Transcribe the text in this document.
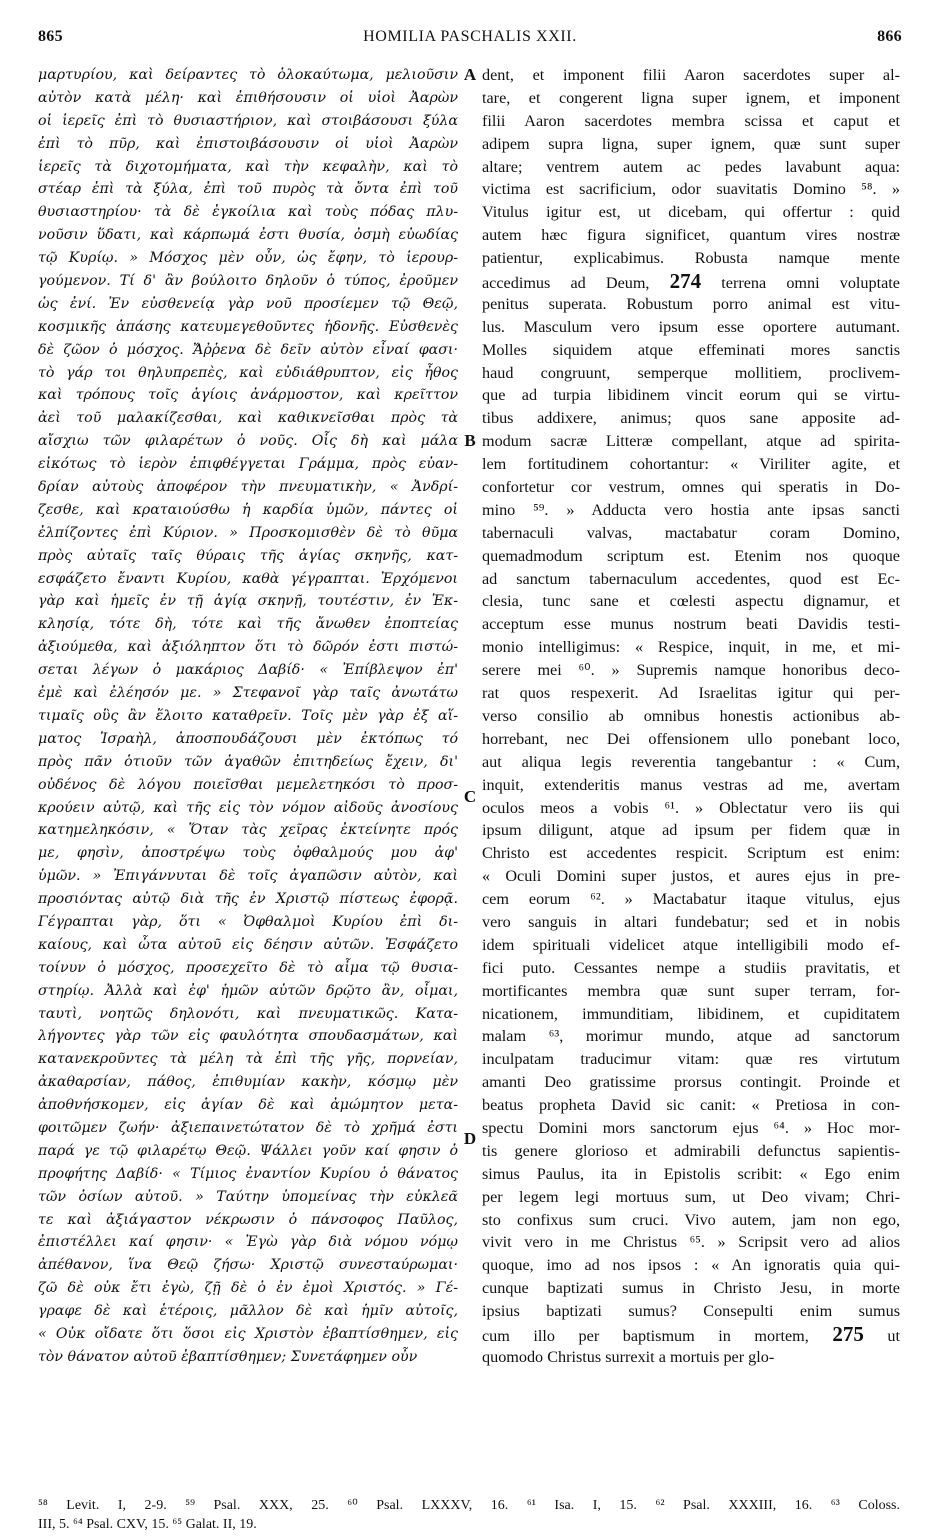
865	HOMILIA PASCHALIS XXII.	866
μαρτυρίου, καὶ δείραντες τὸ ὁλοκαύτωμα, μελιοῦσιν
αὐτὸν κατὰ μέλη· καὶ ἐπιθήσουσιν οἱ υἱοὶ Ἀαρὼν
οἱ ἱερεῖς ἐπὶ τὸ θυσιαστήριον, καὶ στοιβάσουσι ξύλα
ἐπὶ τὸ πῦρ, καὶ ἐπιστοιβάσουσιν οἱ υἱοὶ Ἀαρὼν
ἱερεῖς τὰ διχοτομήματα, καὶ τὴν κεφαλὴν, καὶ τὸ
στέαρ ἐπὶ τὰ ξύλα, ἐπὶ τοῦ πυρὸς τὰ ὄντα ἐπὶ τοῦ
θυσιαστηρίου· τὰ δὲ ἐγκοίλια καὶ τοὺς πόδας πλυ-
νοῦσιν ὕδατι, καὶ κάρπωμά ἐστι θυσία, ὀσμὴ εὐωδίας
τῷ Κυρίῳ. » Μόσχος μὲν οὖν, ὡς ἔφην, τὸ ἱερουρ-
γούμενον. Τί δ' ἂν βούλοιτο δηλοῦν ὁ τύπος, ἐροῦμεν
ὡς ἐνί. Ἐν εὐσθενείᾳ γὰρ νοῦ προσίεμεν τῷ Θεῷ,
κοσμικῆς ἁπάσης κατευμεγεθοῦντες ἡδονῆς. Εὐσθενὲς
δὲ ζῶον ὁ μόσχος. Ἄῤῥενα δὲ δεῖν αὐτὸν εἶναί φασι·
τὸ γάρ τοι θηλυπρεπὲς, καὶ εὐδιάθρυπτον, εἰς ἦθος
καὶ τρόπους τοῖς ἁγίοις ἀνάρμοστον, καὶ κρεῖττον
ἀεὶ τοῦ μαλακίζεσθαι, καὶ καθικνεῖσθαι πρὸς τὰ
αἴσχιω τῶν φιλαρέτων ὁ νοῦς. Οἷς δὴ καὶ μάλα
εἰκότως τὸ ἱερὸν ἐπιφθέγγεται Γράμμα, πρὸς εὐαν-
δρίαν αὐτοὺς ἀποφέρον τὴν πνευματικὴν, « Ἀνδρί-
ζεσθε, καὶ κραταιούσθω ἡ καρδία ὑμῶν, πάντες οἱ
ἐλπίζοντες ἐπὶ Κύριον. » Προσκομισθὲν δὲ τὸ θῦμα
πρὸς αὐταῖς ταῖς θύραις τῆς ἁγίας σκηνῆς, κατ-
εσφάζετο ἔναντι Κυρίου, καθὰ γέγραπται. Ἐρχόμενοι
γὰρ καὶ ἡμεῖς ἐν τῇ ἁγίᾳ σκηνῇ, τουτέστιν, ἐν Ἐκ-
κλησίᾳ, τότε δὴ, τότε καὶ τῆς ἄνωθεν ἐποπτείας
ἀξιούμεθα, καὶ ἀξιόληπτον ὅτι τὸ δῶρόν ἐστι πιστώ-
σεται λέγων ὁ μακάριος Δαβίδ· « Ἐπίβλεψον ἐπ'
ἐμὲ καὶ ἐλέησόν με. » Στεφανοῖ γὰρ ταῖς ἀνωτάτω
τιμαῖς οὓς ἂν ἕλοιτο καταθρεῖν. Τοῖς μὲν γὰρ ἐξ αἵ-
ματος Ἰσραὴλ, ἀποσπουδάζουσι μὲν ἐκτόπως τό
πρὸς πᾶν ὁτιοῦν τῶν ἀγαθῶν ἐπιτηδείως ἔχειν, δι'
οὐδένος δὲ λόγου ποιεῖσθαι μεμελετηκόσι τὸ προσ-
κρούειν αὐτῷ, καὶ τῆς εἰς τὸν νόμον αἰδοῦς ἀνοσίους
κατημεληκόσιν, « Ὅταν τὰς χεῖρας ἐκτείνητε πρός
με, φησὶν, ἀποστρέψω τοὺς ὀφθαλμούς μου ἀφ'
ὑμῶν. » Ἐπιγάννυται δὲ τοῖς ἀγαπῶσιν αὐτὸν, καὶ
προσιόντας αὐτῷ διὰ τῆς ἐν Χριστῷ πίστεως ἐφορᾷ.
Γέγραπται γὰρ, ὅτι « Ὀφθαλμοὶ Κυρίου ἐπὶ δι-
καίους, καὶ ὦτα αὐτοῦ εἰς δέησιν αὐτῶν. Ἐσφάζετο
τοίνυν ὁ μόσχος, προσεχεῖτο δὲ τὸ αἷμα τῷ θυσια-
στηρίῳ. Ἀλλὰ καὶ ἐφ' ἡμῶν αὐτῶν δρῷτο ἂν, οἶμαι,
ταυτὶ, νοητῶς δηλονότι, καὶ πνευματικῶς. Κατα-
λήγοντες γὰρ τῶν εἰς φαυλότητα σπουδασμάτων, καὶ
κατανεκροῦντες τὰ μέλη τὰ ἐπὶ τῆς γῆς, πορνείαν,
ἀκαθαρσίαν, πάθος, ἐπιθυμίαν κακὴν, κόσμῳ μὲν
ἀποθνήσκομεν, εἰς ἁγίαν δὲ καὶ ἀμώμητον μετα-
φοιτῶμεν ζωήν· ἀξιεπαινετώτατον δὲ τὸ χρῆμά ἐστι
παρά γε τῷ φιλαρέτῳ Θεῷ. Ψάλλει γοῦν καί φησιν ὁ
προφήτης Δαβίδ· « Τίμιος ἐναντίον Κυρίου ὁ θάνατος
τῶν ὁσίων αὐτοῦ. » Ταύτην ὑπομείνας τὴν εὐκλεᾶ
τε καὶ ἀξιάγαστον νέκρωσιν ὁ πάνσοφος Παῦλος,
ἐπιστέλλει καί φησιν· « Ἐγὼ γὰρ διὰ νόμου νόμῳ
ἀπέθανον, ἵνα Θεῷ ζήσω· Χριστῷ συνεσταύρωμαι·
ζῶ δὲ οὐκ ἔτι ἐγὼ, ζῇ δὲ ὁ ἐν ἐμοὶ Χριστός. » Γέ-
γραφε δὲ καὶ ἑτέροις, μᾶλλον δὲ καὶ ἡμῖν αὐτοῖς,
« Οὐκ οἴδατε ὅτι ὅσοι εἰς Χριστὸν ἐβαπτίσθημεν, εἰς
τὸν θάνατον αὐτοῦ ἐβαπτίσθημεν; Συνετάφημεν οὖν
dent, et imponent filii Aaron sacerdotes super al-
tare, et congerent ligna super ignem, et imponent
filii Aaron sacerdotes membra scissa et caput et
adipem supra ligna, super ignem, quæ sunt super
altare; ventrem autem ac pedes lavabunt aqua:
victima est sacrificium, odor suavitatis Domino ⁵⁸. »
Vitulus igitur est, ut dicebam, qui offertur : quid
autem hæc figura significet, quantum vires nostræ
patientur, explicabimus. Robusta namque mente
accedimus ad Deum, 274 terrena omni voluptate
penitus superata. Robustum porro animal est vitu-
lus. Masculum vero ipsum esse oportere autumant.
Molles siquidem atque effeminati mores sanctis
haud congruunt, semperque mollitiem, proclivem-
que ad turpia libidinem vincit eorum qui se virtu-
tibus addixere, animus; quos sane apposite ad-
modum sacræ Litteræ compellant, atque ad spirita-
lem fortitudinem cohortantur: « Viriliter agite, et
confortetur cor vestrum, omnes qui speratis in Do-
mino ⁵⁹. » Adducta vero hostia ante ipsas sancti
tabernaculi valvas, mactabatur coram Domino,
quemadmodum scriptum est. Etenim nos quoque
ad sanctum tabernaculum accedentes, quod est Ec-
clesia, tunc sane et cœlesti aspectu dignamur, et
acceptum esse munus nostrum beati Davidis testi-
monio intelligimus: « Respice, inquit, in me, et mi-
serere mei ⁶⁰. » Supremis namque honoribus deco-
rat quos respexerit. Ad Israelitas igitur qui per-
verso consilio ab omnibus honestis actionibus ab-
horrebant, nec Dei offensionem ullo ponebant loco,
aut aliqua legis reverentia tangebantur : « Cum,
inquit, extenderitis manus vestras ad me, avertam
oculos meos a vobis ⁶¹. » Oblectatur vero iis qui
ipsum diligunt, atque ad ipsum per fidem quæ in
Christo est accedentes respicit. Scriptum est enim:
« Oculi Domini super justos, et aures ejus in pre-
cem eorum ⁶². » Mactabatur itaque vitulus, ejus
vero sanguis in altari fundebatur; sed et in nobis
idem spirituali videlicet atque intelligibili modo ef-
fici puto. Cessantes nempe a studiis pravitatis, et
mortificantes membra quæ sunt super terram, for-
nicationem, immunditiam, libidinem, et cupiditatem
malam ⁶³, morimur mundo, atque ad sanctorum
inculpatam traducimur vitam: quæ res virtutum
amanti Deo gratissime prorsus contingit. Proinde et
beatus propheta David sic canit: « Pretiosa in con-
spectu Domini mors sanctorum ejus ⁶⁴. » Hoc mor-
tis genere glorioso et admirabili defunctus sapientis-
simus Paulus, ita in Epistolis scribit: « Ego enim
per legem legi mortuus sum, ut Deo vivam; Chri-
sto confixus sum cruci. Vivo autem, jam non ego,
vivit vero in me Christus ⁶⁵. » Scripsit vero ad alios
quoque, imo ad nos ipsos : « An ignoratis quia qui-
cunque baptizati sumus in Christo Jesu, in morte
ipsius baptizati sumus? Consepulti enim sumus
cum illo per baptismum in mortem, 275 ut
quomodo Christus surrexit a mortuis per glo-
A
B
C
D
⁵⁸ Levit. I, 2-9. ⁵⁹ Psal. XXX, 25. ⁶⁰ Psal. LXXXV, 16. ⁶¹ Isa. I, 15. ⁶² Psal. XXXIII, 16. ⁶³ Coloss.
III, 5. ⁶⁴ Psal. CXV, 15. ⁶⁵ Galat. II, 19.
